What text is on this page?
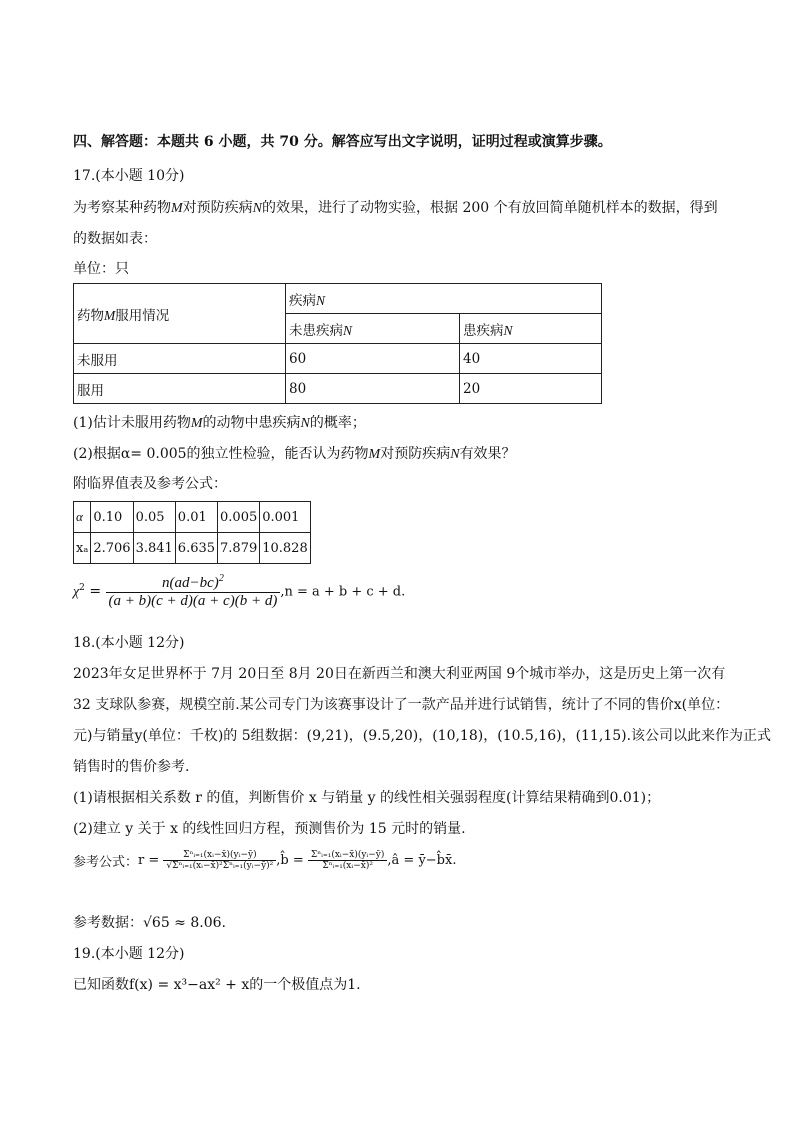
四、解答题：本题共 6 小题，共 70 分。解答应写出文字说明，证明过程或演算步骤。
17.(本小题 10分)
为考察某种药物M对预防疾病N的效果，进行了动物实验，根据 200 个有放回简单随机样本的数据，得到
的数据如表：
单位：只
药物M服用情况	疾病N	
	未患疾病N	患疾病N
未服用	60	40
服用	80	20
(1)估计未服用药物M的动物中患疾病N的概率；
(2)根据α= 0.005的独立性检验，能否认为药物M对预防疾病N有效果？
附临界值表及参考公式：
α	0.10	0.05	0.01	0.005	0.001
xₐ	2.706	3.841	6.635	7.879	10.828
$\chi^2 = \frac{n(ad-bc)^2}{(a + b)(c + d)(a + c)(b + d)} ,n = a + b + c + d$.
18.(本小题 12分)
2023年女足世界杯于 7月 20日至 8月 20日在新西兰和澳大利亚两国 9个城市举办，这是历史上第一次有
32 支球队参赛，规模空前.某公司专门为该赛事设计了一款产品并进行试销售，统计了不同的售价x(单位：
元)与销量y(单位：千枚)的 5组数据：(9,21)，(9.5,20)，(10,18)，(10.5,16)，(11,15).该公司以此来作为正式
销售时的售价参考.
(1)请根据相关系数 r 的值，判断售价 x 与销量 y 的线性相关强弱程度(计算结果精确到0.01)；
(2)建立 y 关于 x 的线性回归方程，预测售价为 15 元时的销量.
参考公式：$r = \frac{\text{Σⁿᵢ₌₁(xᵢ−x̄)(yᵢ−ȳ)}}{\text{√Σⁿᵢ₌₁(xᵢ−x̄)²Σⁿᵢ₌₁(yᵢ−ȳ)²}}$ ,b̂ = $\frac{\text{Σⁿᵢ₌₁(xᵢ−x̄)(yᵢ−ȳ)}}{\text{Σⁿᵢ₌₁(xᵢ−x̄)²}}$ ,â = ȳ−b̂x̄.
参考数据：√65 ≈ 8.06.
19.(本小题 12分)
已知函数f(x) = x³−ax² + x的一个极值点为1.
